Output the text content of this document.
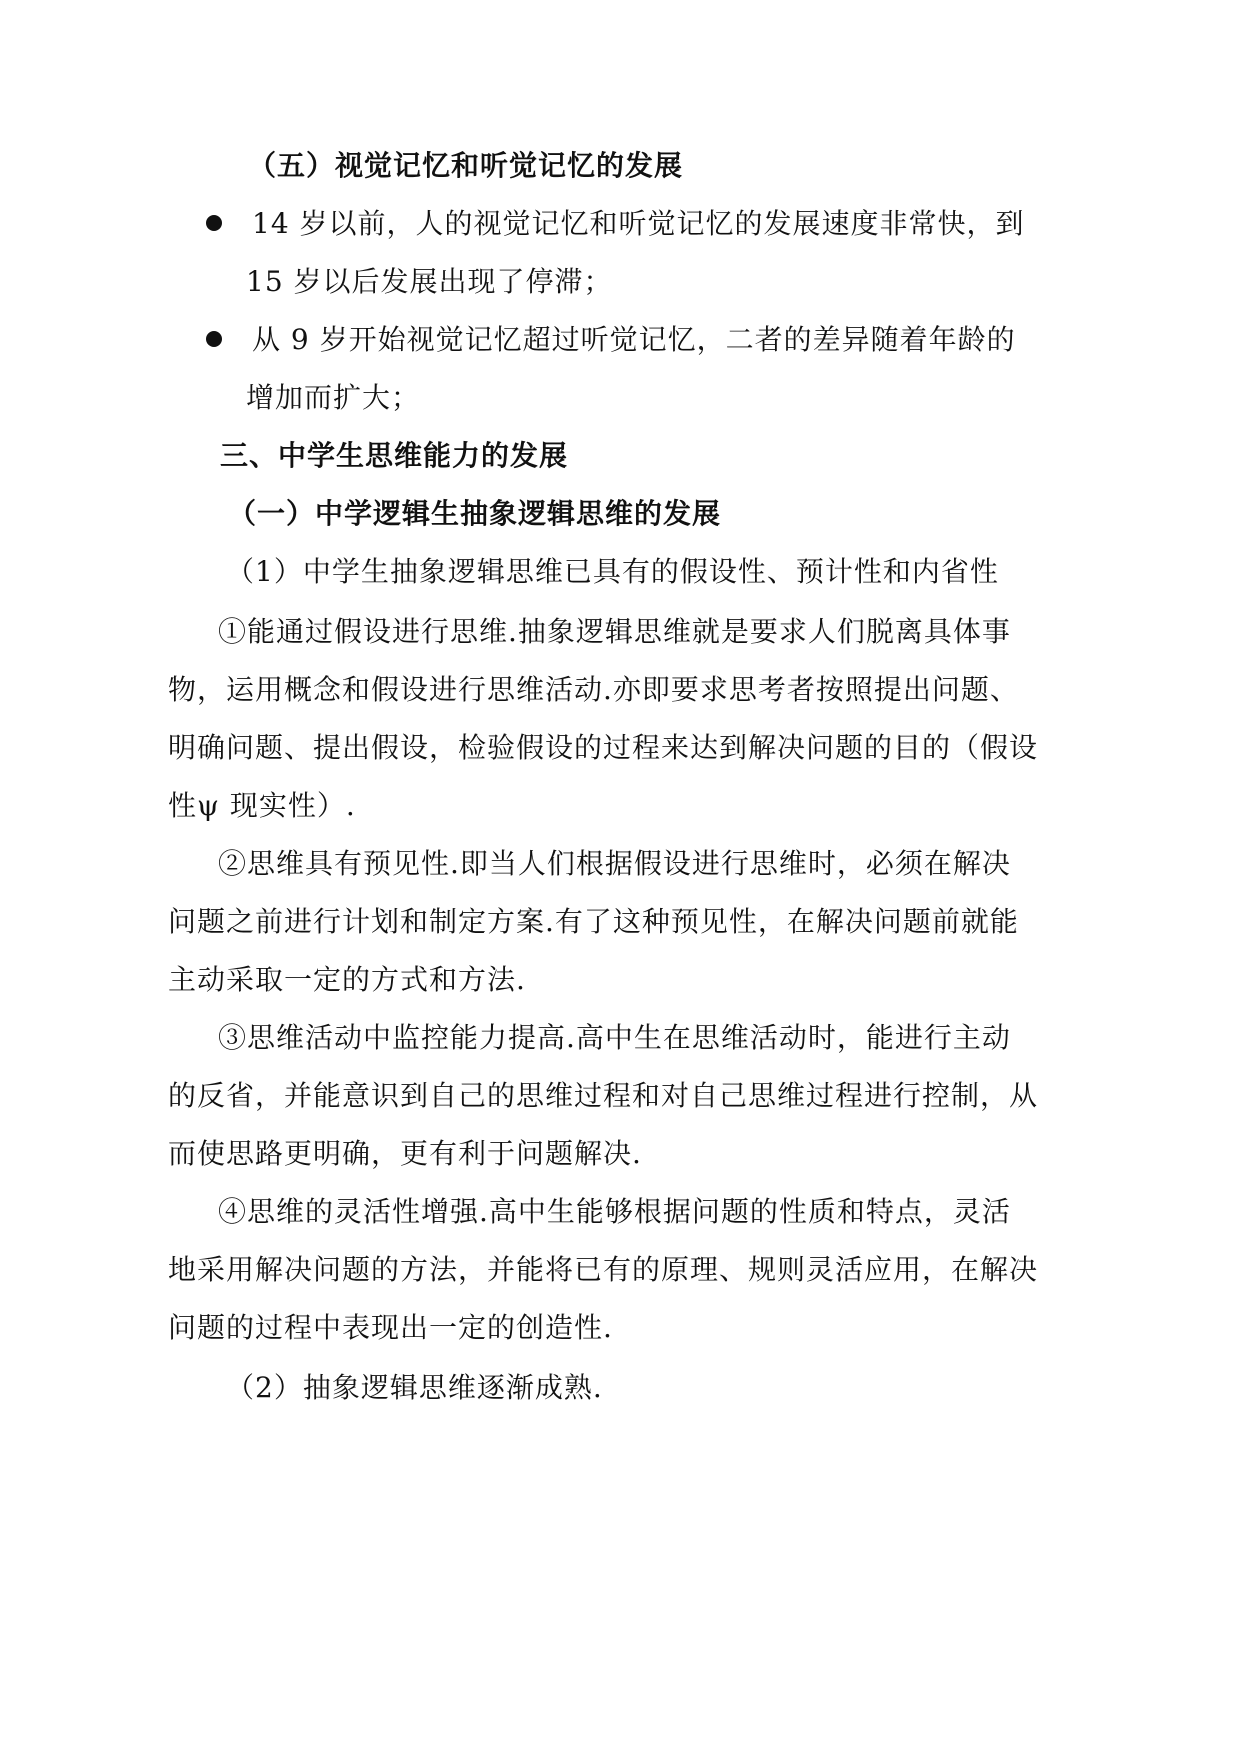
（五）视觉记忆和听觉记忆的发展
14 岁以前，人的视觉记忆和听觉记忆的发展速度非常快，到
15 岁以后发展出现了停滞；
从 9 岁开始视觉记忆超过听觉记忆，二者的差异随着年龄的
增加而扩大；
三、中学生思维能力的发展
（一）中学逻辑生抽象逻辑思维的发展
（1）中学生抽象逻辑思维已具有的假设性、预计性和内省性
①能通过假设进行思维.抽象逻辑思维就是要求人们脱离具体事
物，运用概念和假设进行思维活动.亦即要求思考者按照提出问题、
明确问题、提出假设，检验假设的过程来达到解决问题的目的（假设
性ψ 现实性）.
②思维具有预见性.即当人们根据假设进行思维时，必须在解决
问题之前进行计划和制定方案.有了这种预见性，在解决问题前就能
主动采取一定的方式和方法.
③思维活动中监控能力提高.高中生在思维活动时，能进行主动
的反省，并能意识到自己的思维过程和对自己思维过程进行控制，从
而使思路更明确，更有利于问题解决.
④思维的灵活性增强.高中生能够根据问题的性质和特点，灵活
地采用解决问题的方法，并能将已有的原理、规则灵活应用，在解决
问题的过程中表现出一定的创造性.
（2）抽象逻辑思维逐渐成熟.
